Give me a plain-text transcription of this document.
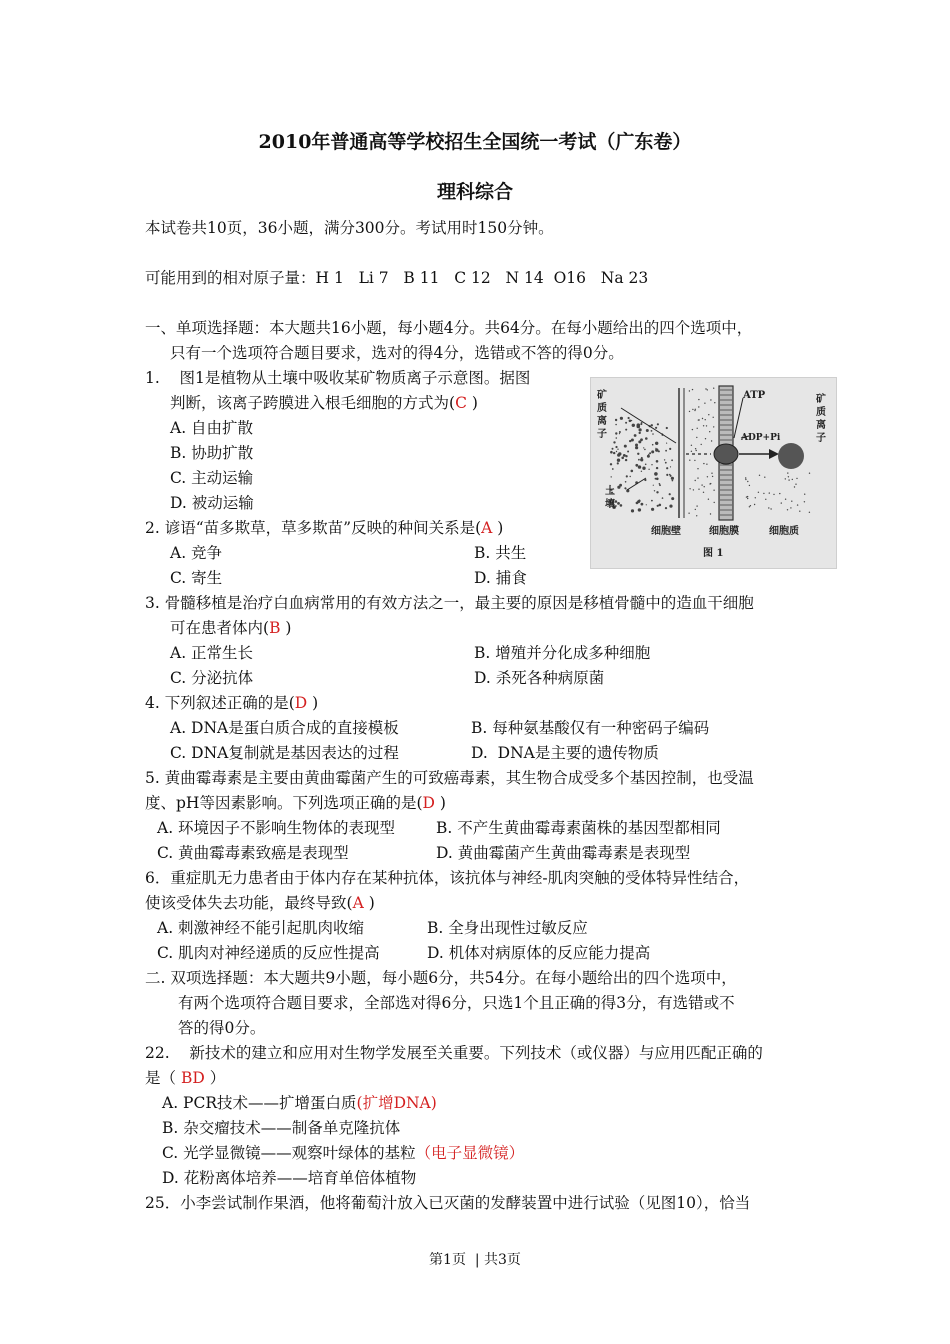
2010年普通高等学校招生全国统一考试（广东卷）
理科综合
本试卷共10页，36小题，满分300分。考试用时150分钟。
可能用到的相对原子量：H 1   Li 7   B 11   C 12   N 14  O16   Na 23
一、单项选择题：本大题共16小题，每小题4分。共64分。在每小题给出的四个选项中，
只有一个选项符合题目要求，选对的得4分，选错或不答的得0分。
1.    图1是植物从土壤中吸收某矿物质离子示意图。据图
判断，该离子跨膜进入根毛细胞的方式为(C )
A. 自由扩散
B. 协助扩散
C. 主动运输
D. 被动运输
矿
质
离
子
矿
质
离
子
土
壤
ATP
ADP+Pi
细胞壁	细胞膜	细胞质
图 1
2. 谚语“苗多欺草，草多欺苗”反映的种间关系是(A )
A. 竞争	B. 共生
C. 寄生	D. 捕食
3. 骨髓移植是治疗白血病常用的有效方法之一，最主要的原因是移植骨髓中的造血干细胞
可在患者体内(B )
A. 正常生长	B. 增殖并分化成多种细胞
C. 分泌抗体	D. 杀死各种病原菌
4. 下列叙述正确的是(D )
A. DNA是蛋白质合成的直接模板	B. 每种氨基酸仅有一种密码子编码
C. DNA复制就是基因表达的过程	D.  DNA是主要的遗传物质
5. 黄曲霉毒素是主要由黄曲霉菌产生的可致癌毒素，其生物合成受多个基因控制，也受温
度、pH等因素影响。下列选项正确的是(D )
A. 环境因子不影响生物体的表现型	B. 不产生黄曲霉毒素菌株的基因型都相同
C. 黄曲霉毒素致癌是表现型	D. 黄曲霉菌产生黄曲霉毒素是表现型
6．重症肌无力患者由于体内存在某种抗体，该抗体与神经-肌肉突触的受体特异性结合，
使该受体失去功能，最终导致(A )
A. 刺激神经不能引起肌肉收缩	B. 全身出现性过敏反应
C. 肌肉对神经递质的反应性提高	D. 机体对病原体的反应能力提高
二. 双项选择题：本大题共9小题，每小题6分，共54分。在每小题给出的四个选项中，
有两个选项符合题目要求，全部选对得6分，只选1个且正确的得3分，有选错或不
答的得0分。
22.    新技术的建立和应用对生物学发展至关重要。下列技术（或仪器）与应用匹配正确的
是（ BD ）
A. PCR技术——扩增蛋白质(扩增DNA)
B. 杂交瘤技术——制备单克隆抗体
C. 光学显微镜——观察叶绿体的基粒（电子显微镜）
D. 花粉离体培养——培育单倍体植物
25．小李尝试制作果酒，他将葡萄汁放入已灭菌的发酵装置中进行试验（见图10），恰当
第1页  | 共3页
